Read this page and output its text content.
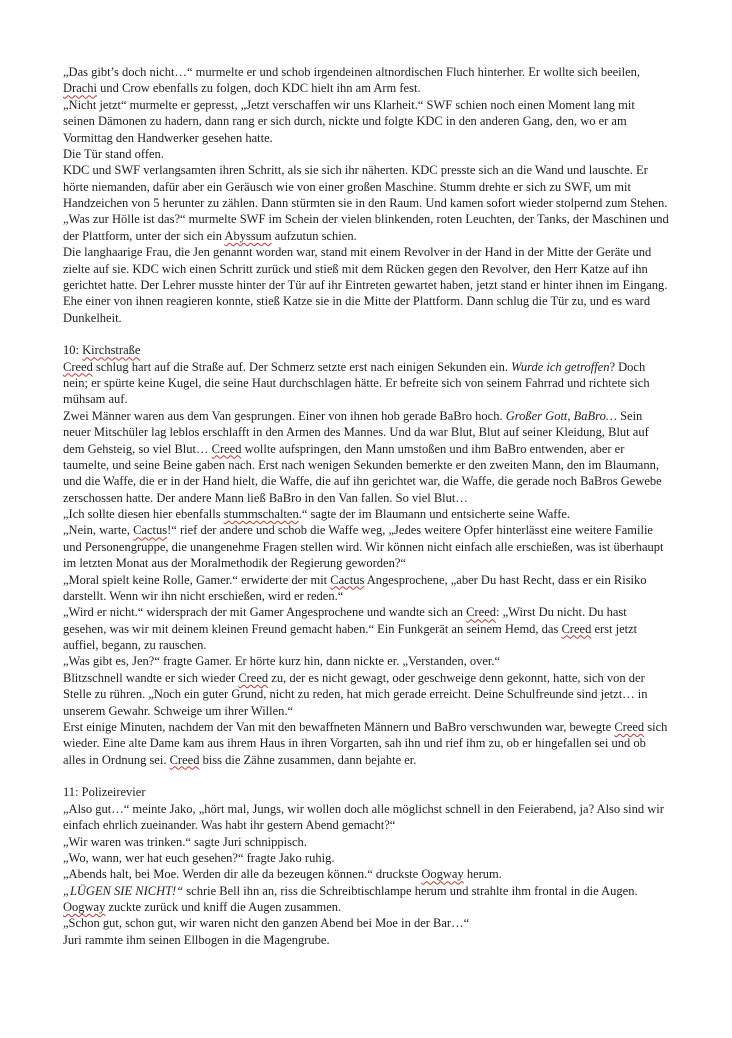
„Das gibt’s doch nicht…“ murmelte er und schob irgendeinen altnordischen Fluch hinterher. Er wollte sich beeilen, Drachi und Crow ebenfalls zu folgen, doch KDC hielt ihn am Arm fest.
„Nicht jetzt“ murmelte er gepresst, „Jetzt verschaffen wir uns Klarheit.“ SWF schien noch einen Moment lang mit seinen Dämonen zu hadern, dann rang er sich durch, nickte und folgte KDC in den anderen Gang, den, wo er am Vormittag den Handwerker gesehen hatte.
Die Tür stand offen.
KDC und SWF verlangsamten ihren Schritt, als sie sich ihr näherten. KDC presste sich an die Wand und lauschte. Er hörte niemanden, dafür aber ein Geräusch wie von einer großen Maschine. Stumm drehte er sich zu SWF, um mit Handzeichen von 5 herunter zu zählen. Dann stürmten sie in den Raum. Und kamen sofort wieder stolpernd zum Stehen.
„Was zur Hölle ist das?“ murmelte SWF im Schein der vielen blinkenden, roten Leuchten, der Tanks, der Maschinen und der Plattform, unter der sich ein Abyssum aufzutun schien.
Die langhaarige Frau, die Jen genannt worden war, stand mit einem Revolver in der Hand in der Mitte der Geräte und zielte auf sie. KDC wich einen Schritt zurück und stieß mit dem Rücken gegen den Revolver, den Herr Katze auf ihn gerichtet hatte. Der Lehrer musste hinter der Tür auf ihr Eintreten gewartet haben, jetzt stand er hinter ihnen im Eingang. Ehe einer von ihnen reagieren konnte, stieß Katze sie in die Mitte der Plattform. Dann schlug die Tür zu, und es ward Dunkelheit.
10: Kirchstraße
Creed schlug hart auf die Straße auf. Der Schmerz setzte erst nach einigen Sekunden ein. Wurde ich getroffen? Doch nein; er spürte keine Kugel, die seine Haut durchschlagen hätte. Er befreite sich von seinem Fahrrad und richtete sich mühsam auf.
Zwei Männer waren aus dem Van gesprungen. Einer von ihnen hob gerade BaBro hoch. Großer Gott, BaBro… Sein neuer Mitschüler lag leblos erschlafft in den Armen des Mannes. Und da war Blut, Blut auf seiner Kleidung, Blut auf dem Gehsteig, so viel Blut… Creed wollte aufspringen, den Mann umstoßen und ihm BaBro entwenden, aber er taumelte, und seine Beine gaben nach. Erst nach wenigen Sekunden bemerkte er den zweiten Mann, den im Blaumann, und die Waffe, die er in der Hand hielt, die Waffe, die auf ihn gerichtet war, die Waffe, die gerade noch BaBros Gewebe zerschossen hatte. Der andere Mann ließ BaBro in den Van fallen. So viel Blut…
„Ich sollte diesen hier ebenfalls stummschalten.“ sagte der im Blaumann und entsicherte seine Waffe.
„Nein, warte, Cactus!“ rief der andere und schob die Waffe weg, „Jedes weitere Opfer hinterlässt eine weitere Familie und Personengruppe, die unangenehme Fragen stellen wird. Wir können nicht einfach alle erschießen, was ist überhaupt im letzten Monat aus der Moralmethodik der Regierung geworden?“
„Moral spielt keine Rolle, Gamer.“ erwiderte der mit Cactus Angesprochene, „aber Du hast Recht, dass er ein Risiko darstellt. Wenn wir ihn nicht erschießen, wird er reden.“
„Wird er nicht.“ widersprach der mit Gamer Angesprochene und wandte sich an Creed: „Wirst Du nicht. Du hast gesehen, was wir mit deinem kleinen Freund gemacht haben.“ Ein Funkgerät an seinem Hemd, das Creed erst jetzt auffiel, begann, zu rauschen.
„Was gibt es, Jen?“ fragte Gamer. Er hörte kurz hin, dann nickte er. „Verstanden, over.“
Blitzschnell wandte er sich wieder Creed zu, der es nicht gewagt, oder geschweige denn gekonnt, hatte, sich von der Stelle zu rühren. „Noch ein guter Grund, nicht zu reden, hat mich gerade erreicht. Deine Schulfreunde sind jetzt… in unserem Gewahr. Schweige um ihrer Willen.“
Erst einige Minuten, nachdem der Van mit den bewaffneten Männern und BaBro verschwunden war, bewegte Creed sich wieder. Eine alte Dame kam aus ihrem Haus in ihren Vorgarten, sah ihn und rief ihm zu, ob er hingefallen sei und ob alles in Ordnung sei. Creed biss die Zähne zusammen, dann bejahte er.
11: Polizeirevier
„Also gut…“ meinte Jako, „hört mal, Jungs, wir wollen doch alle möglichst schnell in den Feierabend, ja? Also sind wir einfach ehrlich zueinander. Was habt ihr gestern Abend gemacht?“
„Wir waren was trinken.“ sagte Juri schnippisch.
„Wo, wann, wer hat euch gesehen?“ fragte Jako ruhig.
„Abends halt, bei Moe. Werden dir alle da bezeugen können.“ druckste Oogway herum.
„LÜGEN SIE NICHT!“ schrie Bell ihn an, riss die Schreibtischlampe herum und strahlte ihm frontal in die Augen. Oogway zuckte zurück und kniff die Augen zusammen.
„Schon gut, schon gut, wir waren nicht den ganzen Abend bei Moe in der Bar…“
Juri rammte ihm seinen Ellbogen in die Magengrube.
